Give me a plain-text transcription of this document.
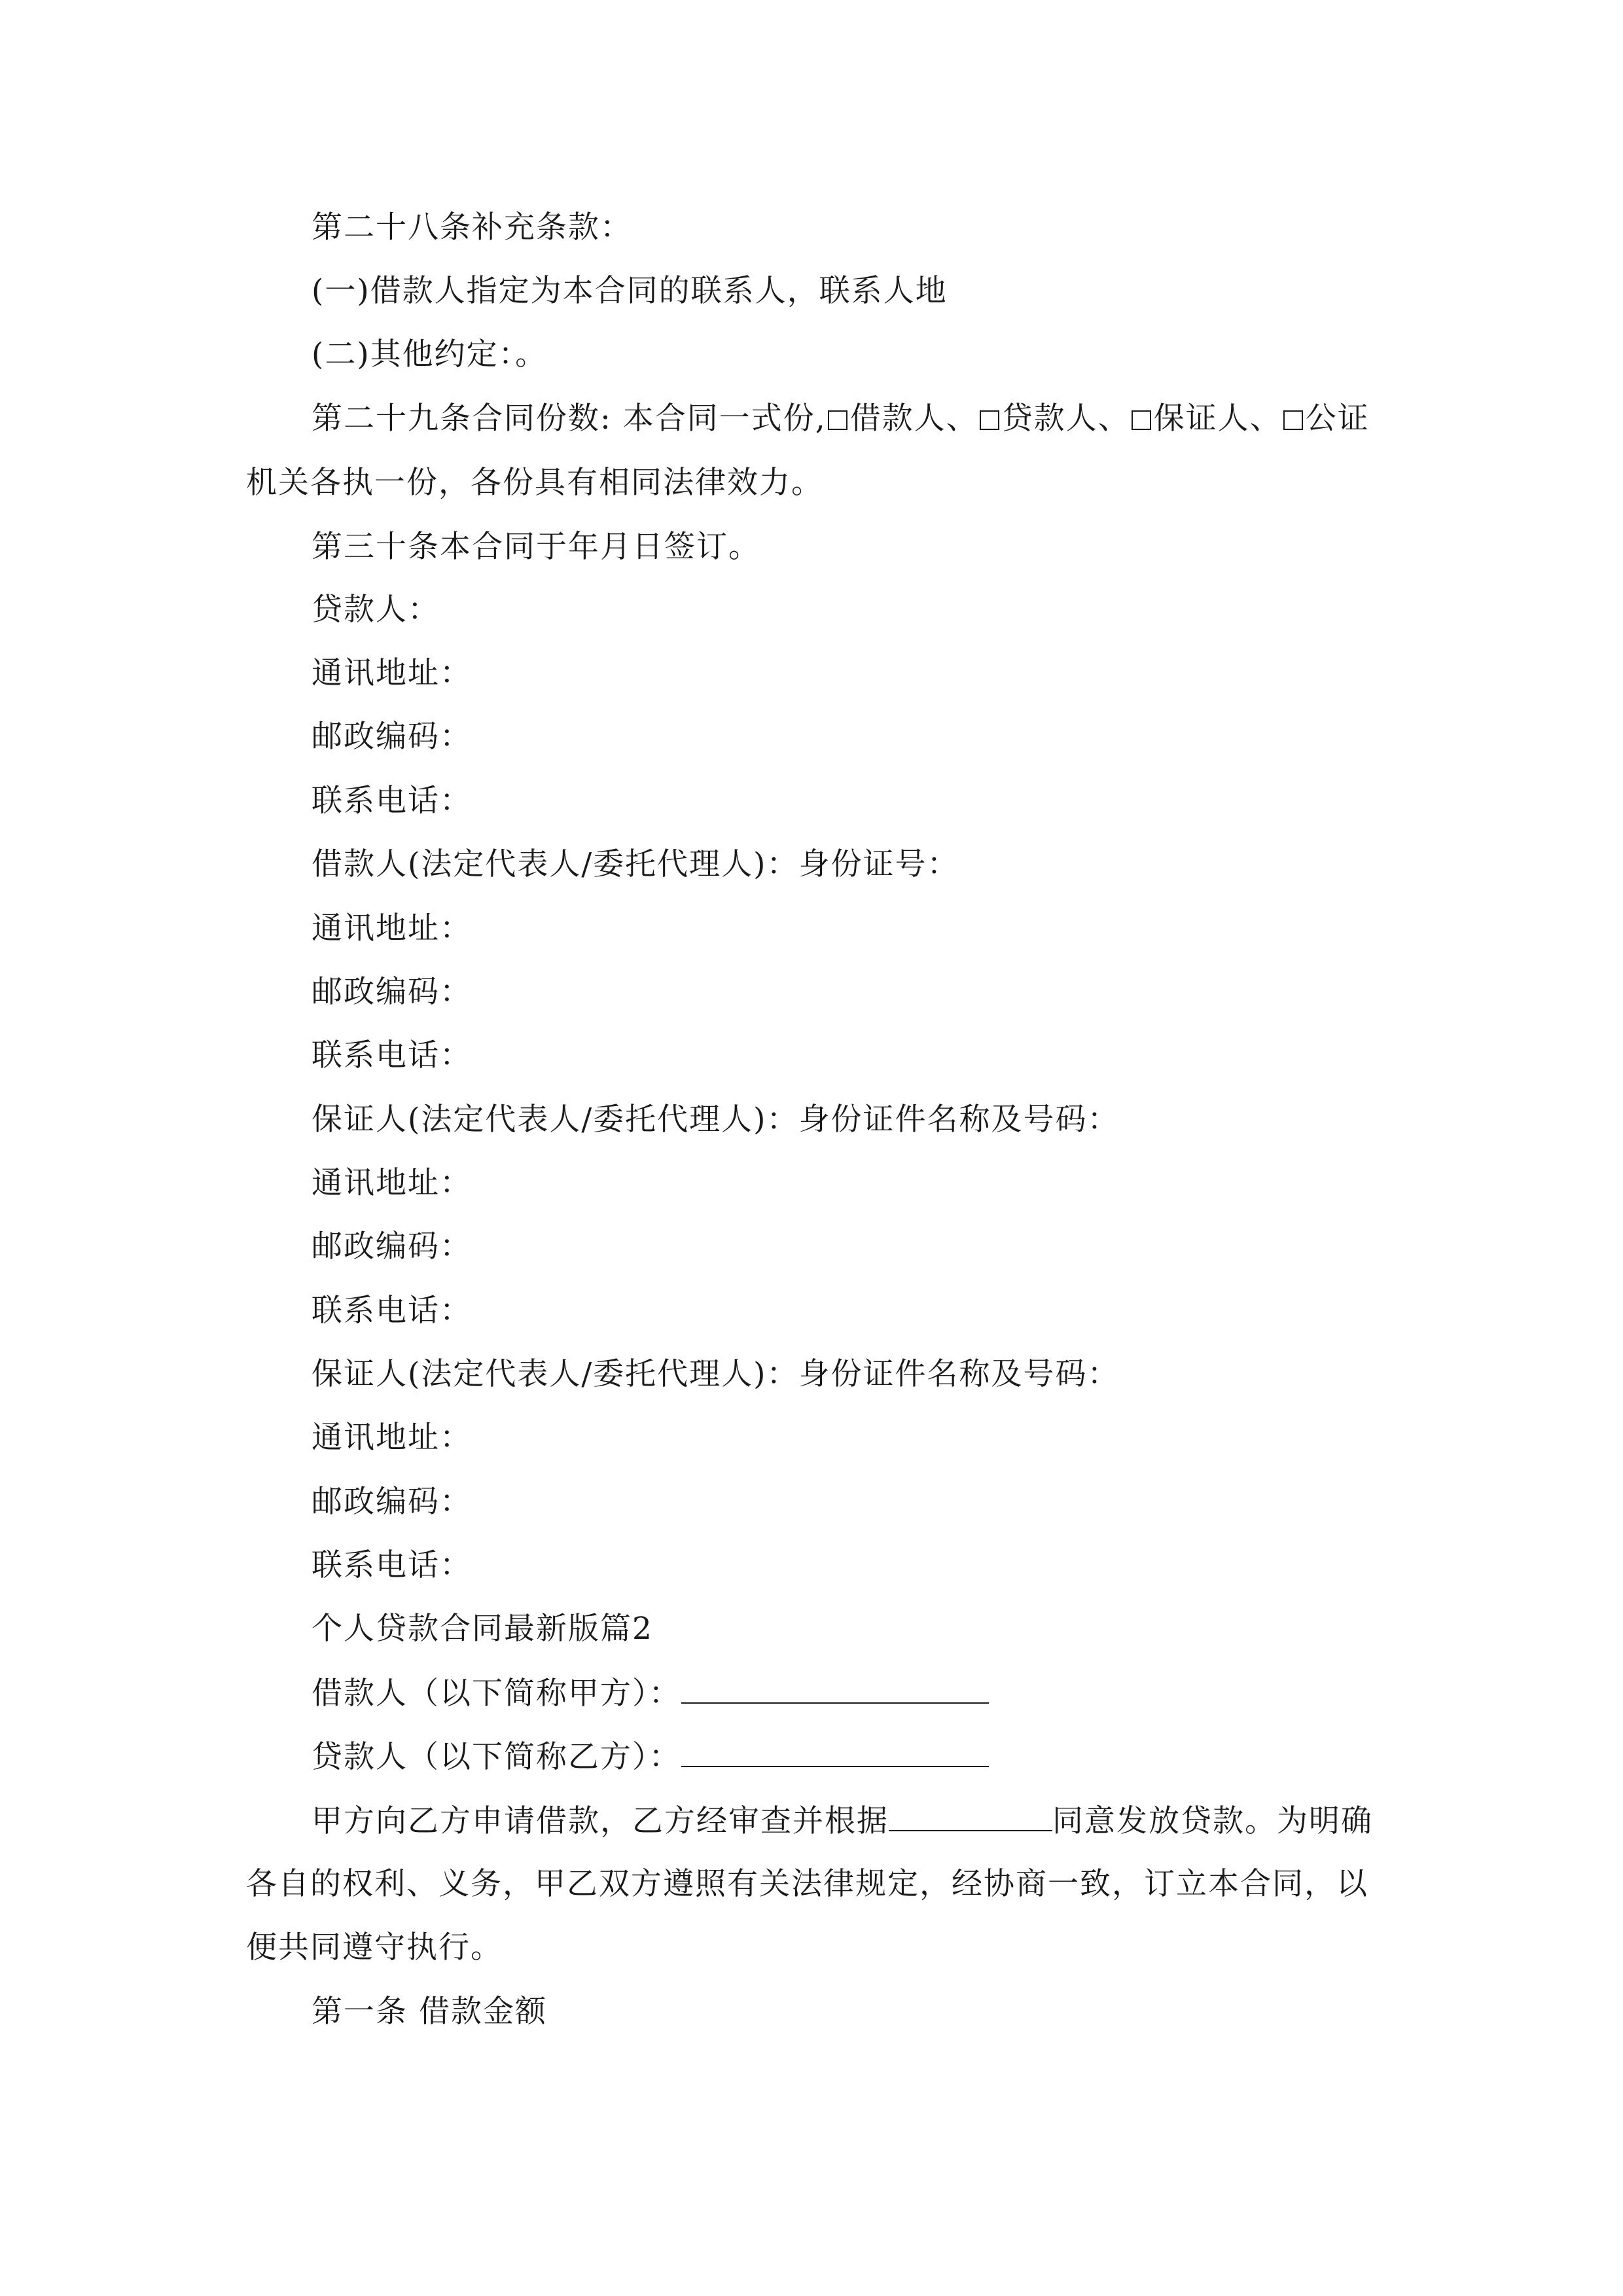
第二十八条补充条款：
(一)借款人指定为本合同的联系人，联系人地
(二)其他约定：。
第二十九条合同份数: 本合同一式份, 借款人、 贷款人、 保证人、 公证
机关各执一份，各份具有相同法律效力。
第三十条本合同于年月日签订。
贷款人：
通讯地址：
邮政编码：
联系电话：
借款人(法定代表人/委托代理人)：身份证号：
通讯地址：
邮政编码：
联系电话：
保证人(法定代表人/委托代理人)：身份证件名称及号码：
通讯地址：
邮政编码：
联系电话：
保证人(法定代表人/委托代理人)：身份证件名称及号码：
通讯地址：
邮政编码：
联系电话：
个人贷款合同最新版篇2
借款人（以下简称甲方）：
贷款人（以下简称乙方）：
甲方向乙方申请借款，乙方经审查并根据	同意发放贷款。为明确
各自的权利、义务，甲乙双方遵照有关法律规定，经协商一致，订立本合同，以
便共同遵守执行。
第一条 借款金额
